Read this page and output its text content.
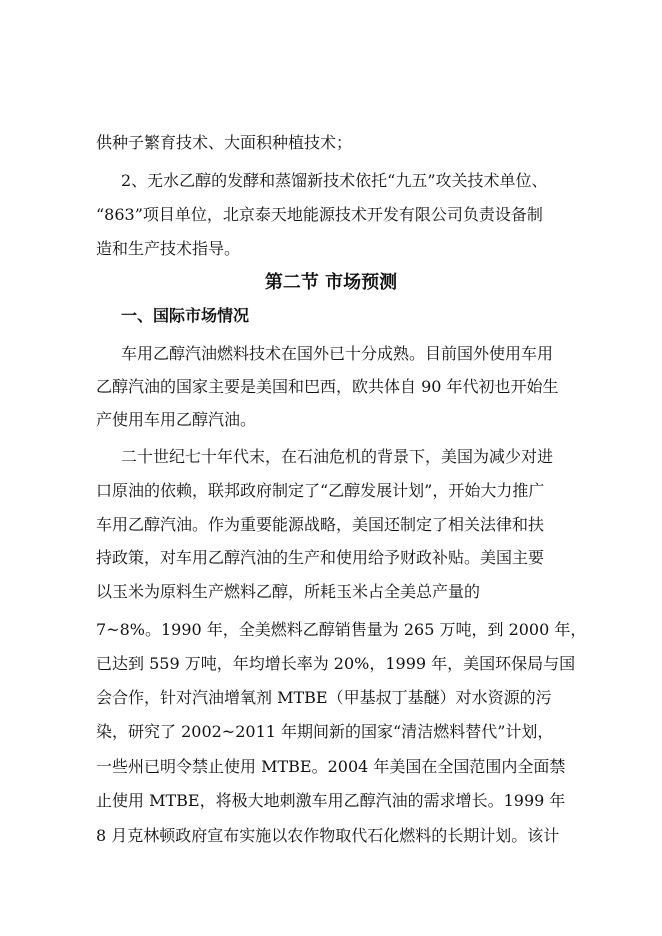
供种子繁育技术、大面积种植技术；
2、无水乙醇的发酵和蒸馏新技术依托“九五”攻关技术单位、
“863”项目单位，北京泰天地能源技术开发有限公司负责设备制
造和生产技术指导。
第二节 市场预测
一、国际市场情况
车用乙醇汽油燃料技术在国外已十分成熟。目前国外使用车用
乙醇汽油的国家主要是美国和巴西，欧共体自 90 年代初也开始生
产使用车用乙醇汽油。
二十世纪七十年代末，在石油危机的背景下，美国为减少对进
口原油的依赖，联邦政府制定了“乙醇发展计划”，开始大力推广
车用乙醇汽油。作为重要能源战略，美国还制定了相关法律和扶
持政策，对车用乙醇汽油的生产和使用给予财政补贴。美国主要
以玉米为原料生产燃料乙醇，所耗玉米占全美总产量的
7~8%。1990 年，全美燃料乙醇销售量为 265 万吨，到 2000 年，
已达到 559 万吨，年均增长率为 20%，1999 年，美国环保局与国
会合作，针对汽油增氧剂 MTBE（甲基叔丁基醚）对水资源的污
染，研究了 2002~2011 年期间新的国家“清洁燃料替代”计划，
一些州已明令禁止使用 MTBE。2004 年美国在全国范围内全面禁
止使用 MTBE，将极大地刺激车用乙醇汽油的需求增长。1999 年
8 月克林顿政府宣布实施以农作物取代石化燃料的长期计划。该计
